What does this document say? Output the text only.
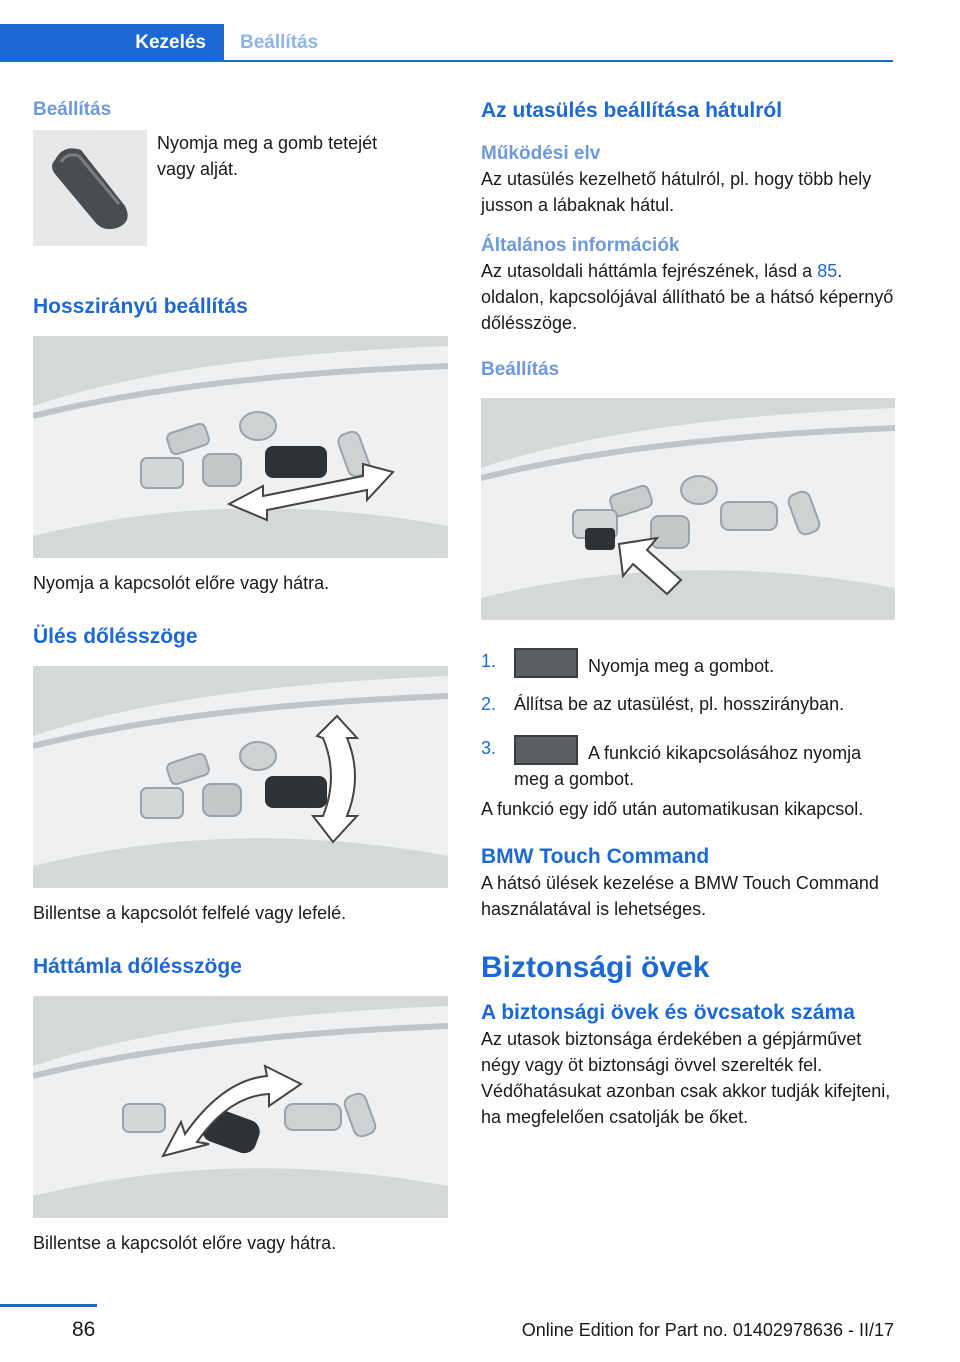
Kezelés	Beállítás
Beállítás
Nyomja meg a gomb tetejét vagy alját.
Hosszirányú beállítás
Nyomja a kapcsolót előre vagy hátra.
Ülés dőlésszöge
Billentse a kapcsolót felfelé vagy lefelé.
Háttámla dőlésszöge
Billentse a kapcsolót előre vagy hátra.
Az utasülés beállítása hátulról
Működési elv
Az utasülés kezelhető hátulról, pl. hogy több hely jusson a lábaknak hátul.
Általános információk
Az utasoldali háttámla fejrészének, lásd a 85. oldalon, kapcsolójával állítható be a hátsó képernyő dőlésszöge.
Beállítás
1.	Nyomja meg a gombot.
2. Állítsa be az utasülést, pl. hosszirányban.
3.	A funkció kikapcsolásához nyomja meg a gombot.
A funkció egy idő után automatikusan kikapcsol.
BMW Touch Command
A hátsó ülések kezelése a BMW Touch Command használatával is lehetséges.
Biztonsági övek
A biztonsági övek és övcsatok száma
Az utasok biztonsága érdekében a gépjárművet négy vagy öt biztonsági övvel szerelték fel. Védőhatásukat azonban csak akkor tudják kifejteni, ha megfelelően csatolják be őket.
86	Online Edition for Part no. 01402978636 - II/17
